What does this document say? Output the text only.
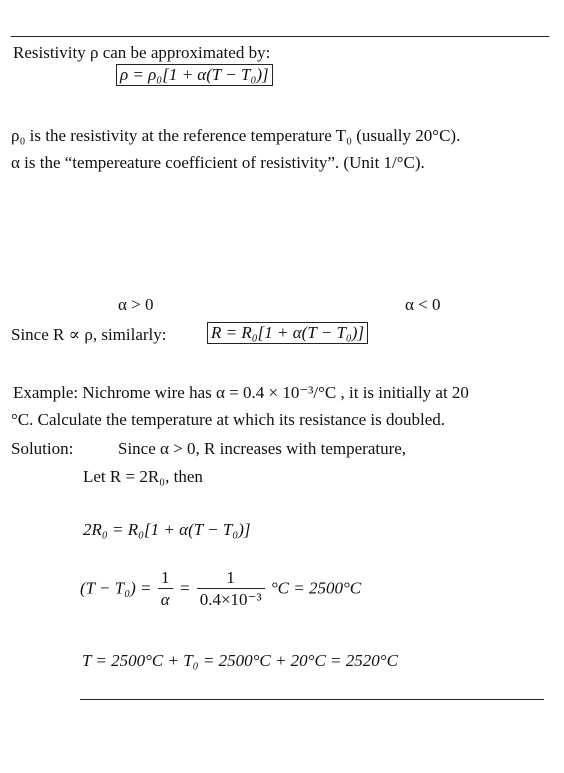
Resistivity ρ can be approximated by:
ρ = ρ₀[1 + α(T − T₀)]
ρ₀ is the resistivity at the reference temperature T₀ (usually 20°C).
α is the “tempereature coefficient of resistivity”. (Unit 1/°C).
α > 0	α < 0
Since R ∝ ρ, similarly:	R = R₀[1 + α(T − T₀)]
Example: Nichrome wire has α = 0.4 × 10⁻³/°C , it is initially at 20
°C. Calculate the temperature at which its resistance is doubled.
Solution:	Since α > 0, R increases with temperature,
Let R = 2R₀, then
2R₀ = R₀[1 + α(T − T₀)]
$(T - T_0) = \frac{1}{\alpha} = \frac{1}{\text{0.4×10⁻³}} ^\circ C = 2500^\circ C$
T = 2500°C + T₀ = 2500°C + 20°C = 2520°C
